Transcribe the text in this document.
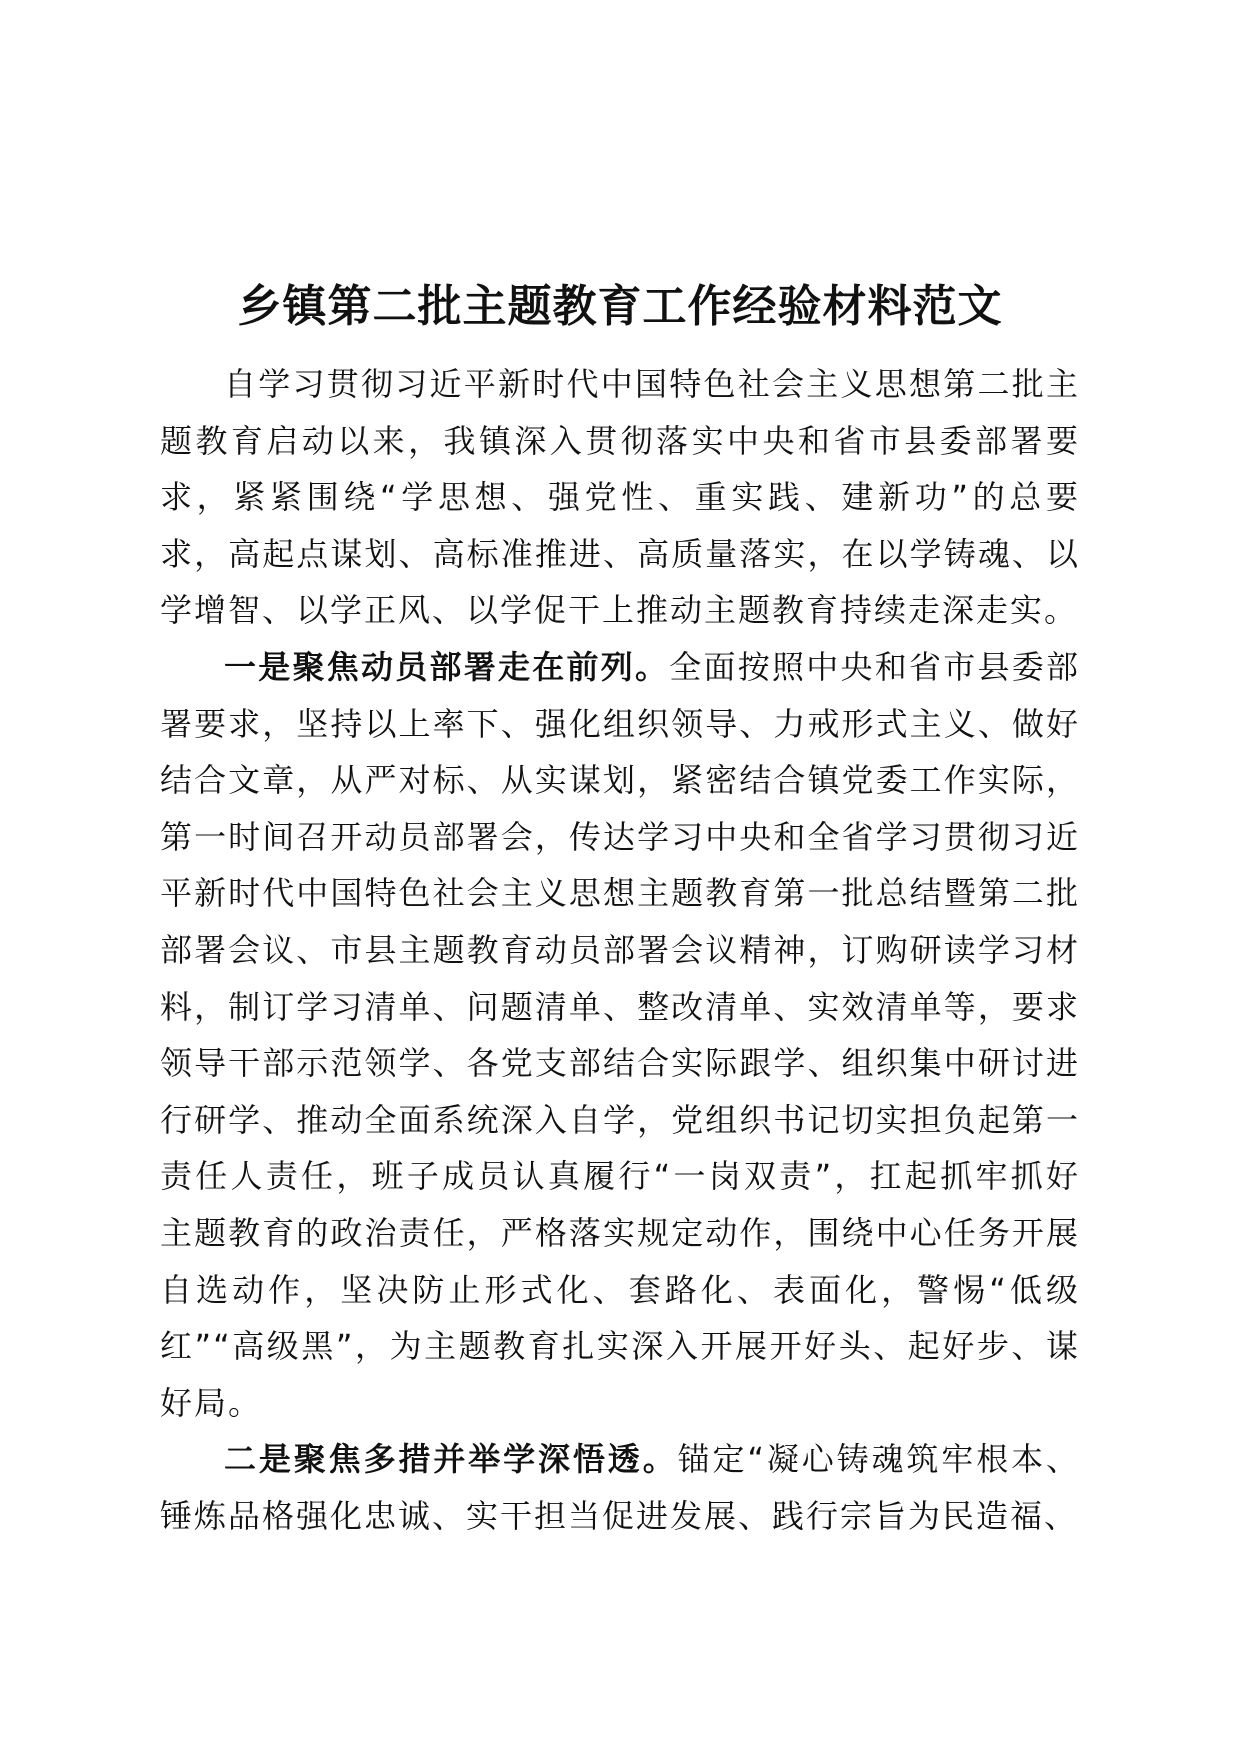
乡镇第二批主题教育工作经验材料范文

自学习贯彻习近平新时代中国特色社会主义思想第二批主题教育启动以来，我镇深入贯彻落实中央和省市县委部署要求，紧紧围绕“学思想、强党性、重实践、建新功”的总要求，高起点谋划、高标准推进、高质量落实，在以学铸魂、以学增智、以学正风、以学促干上推动主题教育持续走深走实。

一是聚焦动员部署走在前列。全面按照中央和省市县委部署要求，坚持以上率下、强化组织领导、力戒形式主义、做好结合文章，从严对标、从实谋划，紧密结合镇党委工作实际，第一时间召开动员部署会，传达学习中央和全省学习贯彻习近平新时代中国特色社会主义思想主题教育第一批总结暨第二批部署会议、市县主题教育动员部署会议精神，订购研读学习材料，制订学习清单、问题清单、整改清单、实效清单等，要求领导干部示范领学、各党支部结合实际跟学、组织集中研讨进行研学、推动全面系统深入自学，党组织书记切实担负起第一责任人责任，班子成员认真履行“一岗双责”，扛起抓牢抓好主题教育的政治责任，严格落实规定动作，围绕中心任务开展自选动作，坚决防止形式化、套路化、表面化，警惕“低级红”“高级黑”，为主题教育扎实深入开展开好头、起好步、谋好局。

二是聚焦多措并举学深悟透。锚定“凝心铸魂筑牢根本、锤炼品格强化忠诚、实干担当促进发展、践行宗旨为民造福、
